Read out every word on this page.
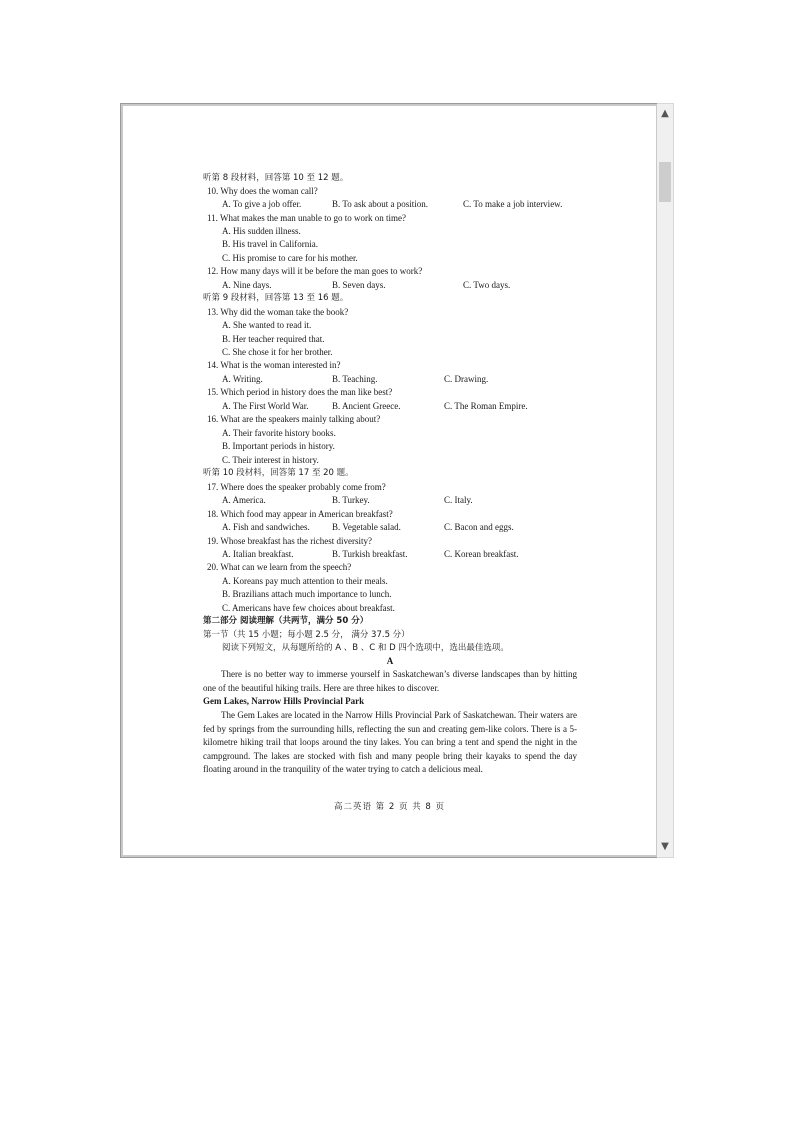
听第 8 段材料，回答第 10 至 12 题。
10. Why does the woman call?
A. To give a job offer.	B. To ask about a position.	C. To make a job interview.
11. What makes the man unable to go to work on time?
A. His sudden illness.
B. His travel in California.
C. His promise to care for his mother.
12. How many days will it be before the man goes to work?
A. Nine days.	B. Seven days.	C. Two days.
听第 9 段材料，回答第 13 至 16 题。
13. Why did the woman take the book?
A. She wanted to read it.
B. Her teacher required that.
C. She chose it for her brother.
14. What is the woman interested in?
A. Writing.	B. Teaching.	C. Drawing.
15. Which period in history does the man like best?
A. The First World War.	B. Ancient Greece.	C. The Roman Empire.
16. What are the speakers mainly talking about?
A. Their favorite history books.
B. Important periods in history.
C. Their interest in history.
听第 10 段材料，回答第 17 至 20 题。
17. Where does the speaker probably come from?
A. America.	B. Turkey.	C. Italy.
18. Which food may appear in American breakfast?
A. Fish and sandwiches. B. Vegetable salad.	C. Bacon and eggs.
19. Whose breakfast has the richest diversity?
A. Italian breakfast.	B. Turkish breakfast.	C. Korean breakfast.
20. What can we learn from the speech?
A. Koreans pay much attention to their meals.
B. Brazilians attach much importance to lunch.
C. Americans have few choices about breakfast.
第二部分 阅读理解（共两节，满分 50 分）
第一节（共 15 小题；每小题 2.5 分， 满分 37.5 分）
阅读下列短文，从每题所给的 A 、B 、C 和 D 四个选项中，选出最佳选项。
A
There is no better way to immerse yourself in Saskatchewan’s diverse landscapes than by hitting one of the beautiful hiking trails. Here are three hikes to discover.
Gem Lakes, Narrow Hills Provincial Park
The Gem Lakes are located in the Narrow Hills Provincial Park of Saskatchewan. Their waters are fed by springs from the surrounding hills, reflecting the sun and creating gem-like colors. There is a 5-kilometre hiking trail that loops around the tiny lakes. You can bring a tent and spend the night in the campground. The lakes are stocked with fish and many people bring their kayaks to spend the day floating around in the tranquility of the water trying to catch a delicious meal.
高二英语 第 2 页 共 8 页
▲
▼
